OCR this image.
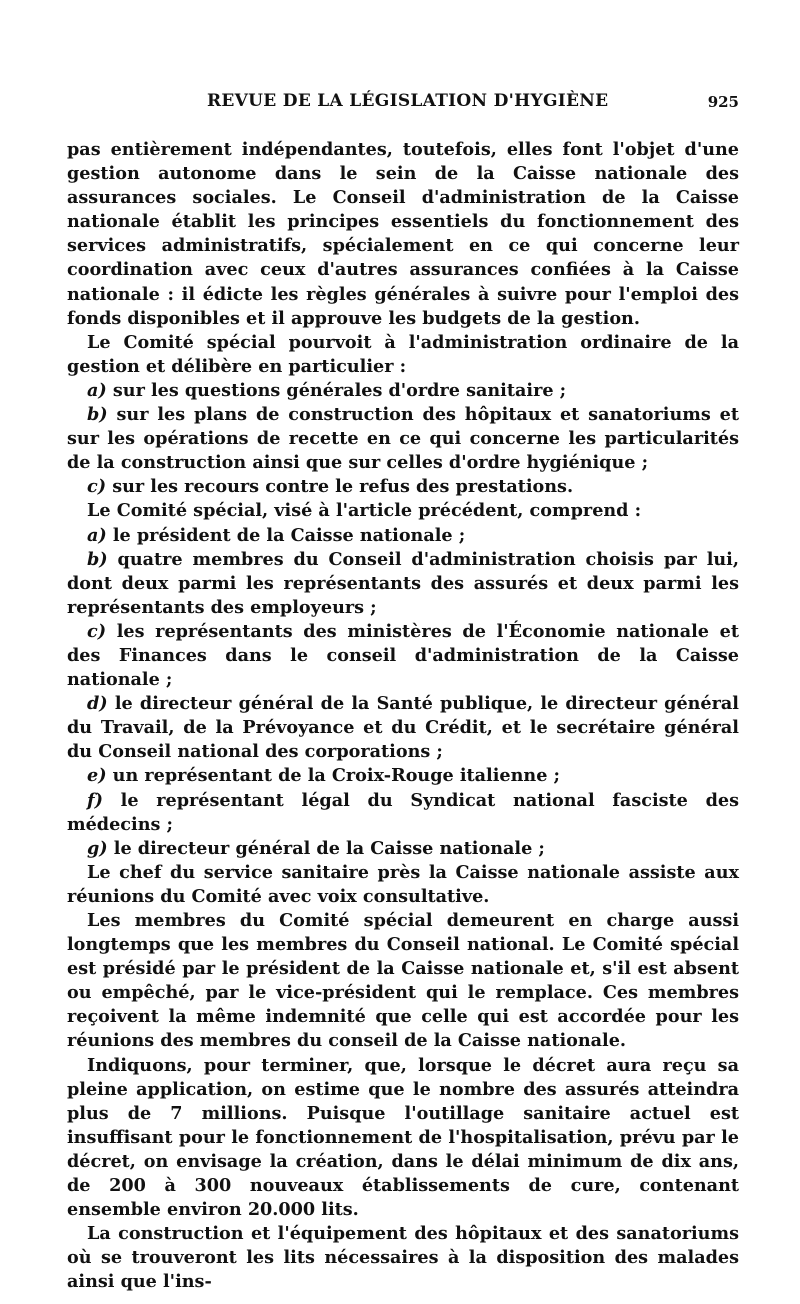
REVUE DE LA LÉGISLATION D'HYGIÈNE	925

pas entièrement indépendantes, toutefois, elles font l'objet d'une gestion autonome dans le sein de la Caisse nationale des assurances sociales. Le Conseil d'administration de la Caisse nationale établit les principes essentiels du fonctionnement des services administratifs, spécialement en ce qui concerne leur coordination avec ceux d'autres assurances confiées à la Caisse nationale : il édicte les règles générales à suivre pour l'emploi des fonds disponibles et il approuve les budgets de la gestion.

Le Comité spécial pourvoit à l'administration ordinaire de la gestion et délibère en particulier :

a) sur les questions générales d'ordre sanitaire ;

b) sur les plans de construction des hôpitaux et sanatoriums et sur les opérations de recette en ce qui concerne les particularités de la construction ainsi que sur celles d'ordre hygiénique ;

c) sur les recours contre le refus des prestations.

Le Comité spécial, visé à l'article précédent, comprend :

a) le président de la Caisse nationale ;

b) quatre membres du Conseil d'administration choisis par lui, dont deux parmi les représentants des assurés et deux parmi les représentants des employeurs ;

c) les représentants des ministères de l'Économie nationale et des Finances dans le conseil d'administration de la Caisse nationale ;

d) le directeur général de la Santé publique, le directeur général du Travail, de la Prévoyance et du Crédit, et le secrétaire général du Conseil national des corporations ;

e) un représentant de la Croix-Rouge italienne ;

f) le représentant légal du Syndicat national fasciste des médecins ;

g) le directeur général de la Caisse nationale ;

Le chef du service sanitaire près la Caisse nationale assiste aux réunions du Comité avec voix consultative.

Les membres du Comité spécial demeurent en charge aussi longtemps que les membres du Conseil national. Le Comité spécial est présidé par le président de la Caisse nationale et, s'il est absent ou empêché, par le vice-président qui le remplace. Ces membres reçoivent la même indemnité que celle qui est accordée pour les réunions des membres du conseil de la Caisse nationale.

Indiquons, pour terminer, que, lorsque le décret aura reçu sa pleine application, on estime que le nombre des assurés atteindra plus de 7 millions. Puisque l'outillage sanitaire actuel est insuffisant pour le fonctionnement de l'hospitalisation, prévu par le décret, on envisage la création, dans le délai minimum de dix ans, de 200 à 300 nouveaux établissements de cure, contenant ensemble environ 20.000 lits.

La construction et l'équipement des hôpitaux et des sanatoriums où se trouveront les lits nécessaires à la disposition des malades ainsi que l'ins-
